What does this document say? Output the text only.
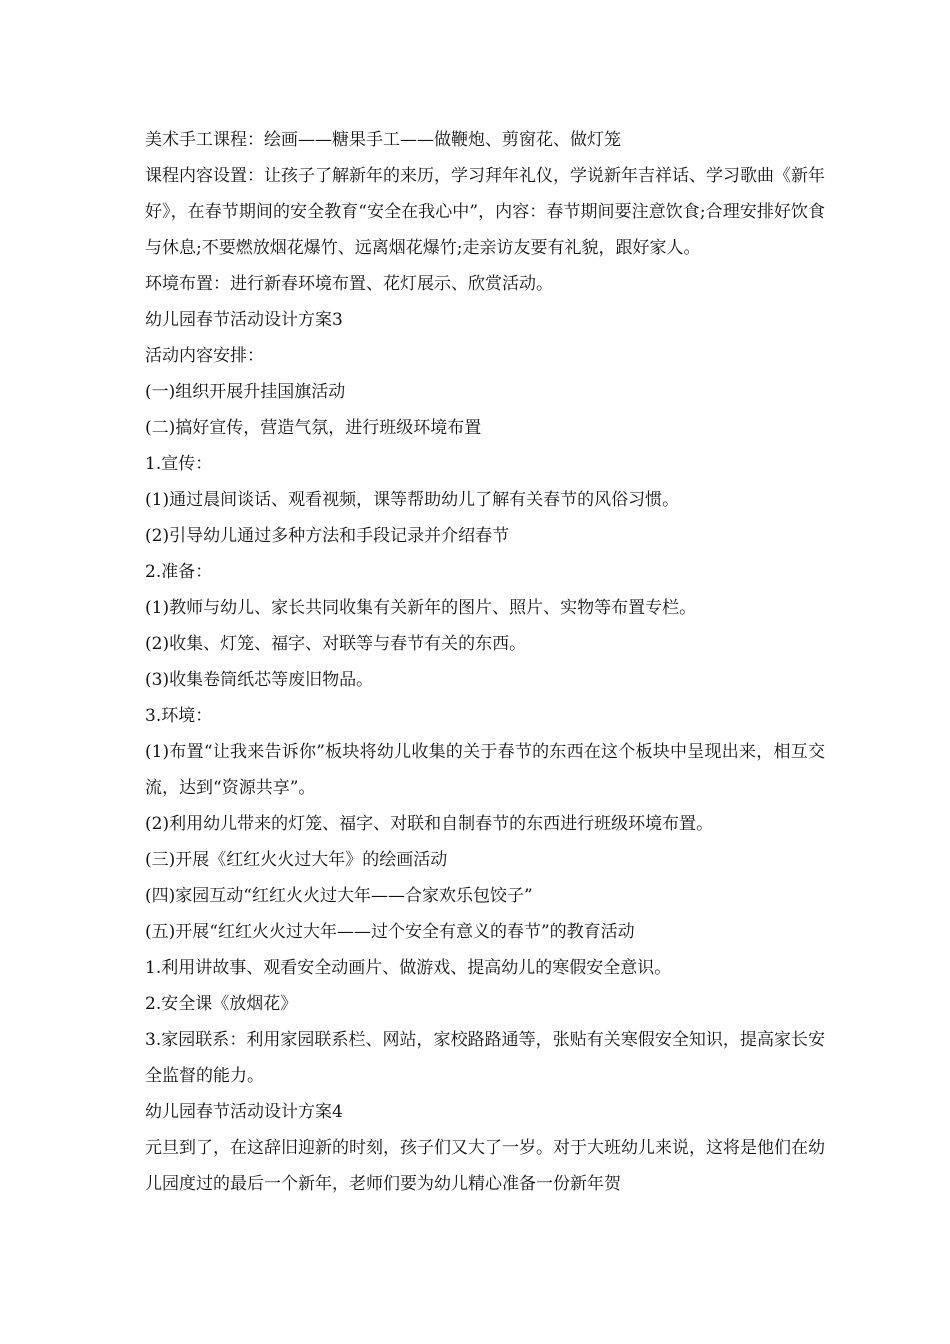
美术手工课程：绘画——糖果手工——做鞭炮、剪窗花、做灯笼

课程内容设置：让孩子了解新年的来历，学习拜年礼仪，学说新年吉祥话、学习歌曲《新年好》，在春节期间的安全教育“安全在我心中”，内容：春节期间要注意饮食;合理安排好饮食与休息;不要燃放烟花爆竹、远离烟花爆竹;走亲访友要有礼貌，跟好家人。

环境布置：进行新春环境布置、花灯展示、欣赏活动。

幼儿园春节活动设计方案3

活动内容安排：

(一)组织开展升挂国旗活动

(二)搞好宣传，营造气氛，进行班级环境布置

1.宣传：

(1)通过晨间谈话、观看视频，课等帮助幼儿了解有关春节的风俗习惯。

(2)引导幼儿通过多种方法和手段记录并介绍春节

2.准备：

(1)教师与幼儿、家长共同收集有关新年的图片、照片、实物等布置专栏。

(2)收集、灯笼、福字、对联等与春节有关的东西。

(3)收集卷筒纸芯等废旧物品。

3.环境：

(1)布置“让我来告诉你”板块将幼儿收集的关于春节的东西在这个板块中呈现出来，相互交流，达到“资源共享”。

(2)利用幼儿带来的灯笼、福字、对联和自制春节的东西进行班级环境布置。

(三)开展《红红火火过大年》的绘画活动

(四)家园互动“红红火火过大年——合家欢乐包饺子”

(五)开展“红红火火过大年——过个安全有意义的春节”的教育活动

1.利用讲故事、观看安全动画片、做游戏、提高幼儿的寒假安全意识。

2.安全课《放烟花》

3.家园联系：利用家园联系栏、网站，家校路路通等，张贴有关寒假安全知识，提高家长安全监督的能力。

幼儿园春节活动设计方案4

元旦到了，在这辞旧迎新的时刻，孩子们又大了一岁。对于大班幼儿来说，这将是他们在幼儿园度过的最后一个新年，老师们要为幼儿精心准备一份新年贺
